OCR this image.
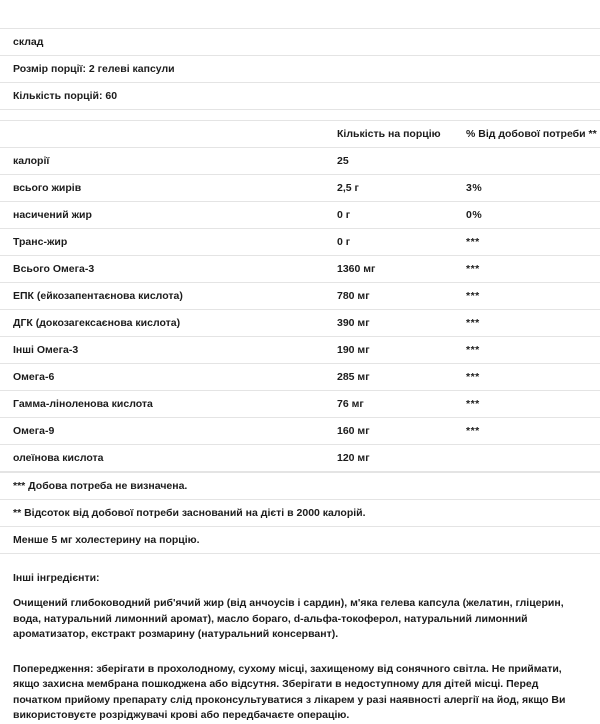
склад
Розмір порції: 2 гелеві капсули
Кількість порцій: 60
	Кількість на порцію	% Від добової потреби **
калорії	25	
всього жирів	2,5 г	3%
насичений жир	0 г	0%
Транс-жир	0 г	***
Всього Омега-3	1360 мг	***
ЕПК (ейкозапентаєнова кислота)	780 мг	***
ДГК (докозагексаєнова кислота)	390 мг	***
Інші Омега-3	190 мг	***
Омега-6	285 мг	***
Гамма-ліноленова кислота	76 мг	***
Омега-9	160 мг	***
олеїнова кислота	120 мг	
*** Добова потреба не визначена.
** Відсоток від добової потреби заснований на дієті в 2000 калорій.
Менше 5 мг холестерину на порцію.

Інші інгредієнти:

Очищений глибоководний риб'ячий жир (від анчоусів і сардин), м'яка гелева капсула (желатин, гліцерин, вода, натуральний лимонний аромат), масло бораго, d-альфа-токоферол, натуральний лимонний ароматизатор, екстракт розмарину (натуральний консервант).

Попередження: зберігати в прохолодному, сухому місці, захищеному від сонячного світла. Не приймати, якщо захисна мембрана пошкоджена або відсутня. Зберігати в недоступному для дітей місці. Перед початком прийому препарату слід проконсультуватися з лікарем у разі наявності алергії на йод, якщо Ви використовуєте розріджувачі крові або передбачаєте операцію.
